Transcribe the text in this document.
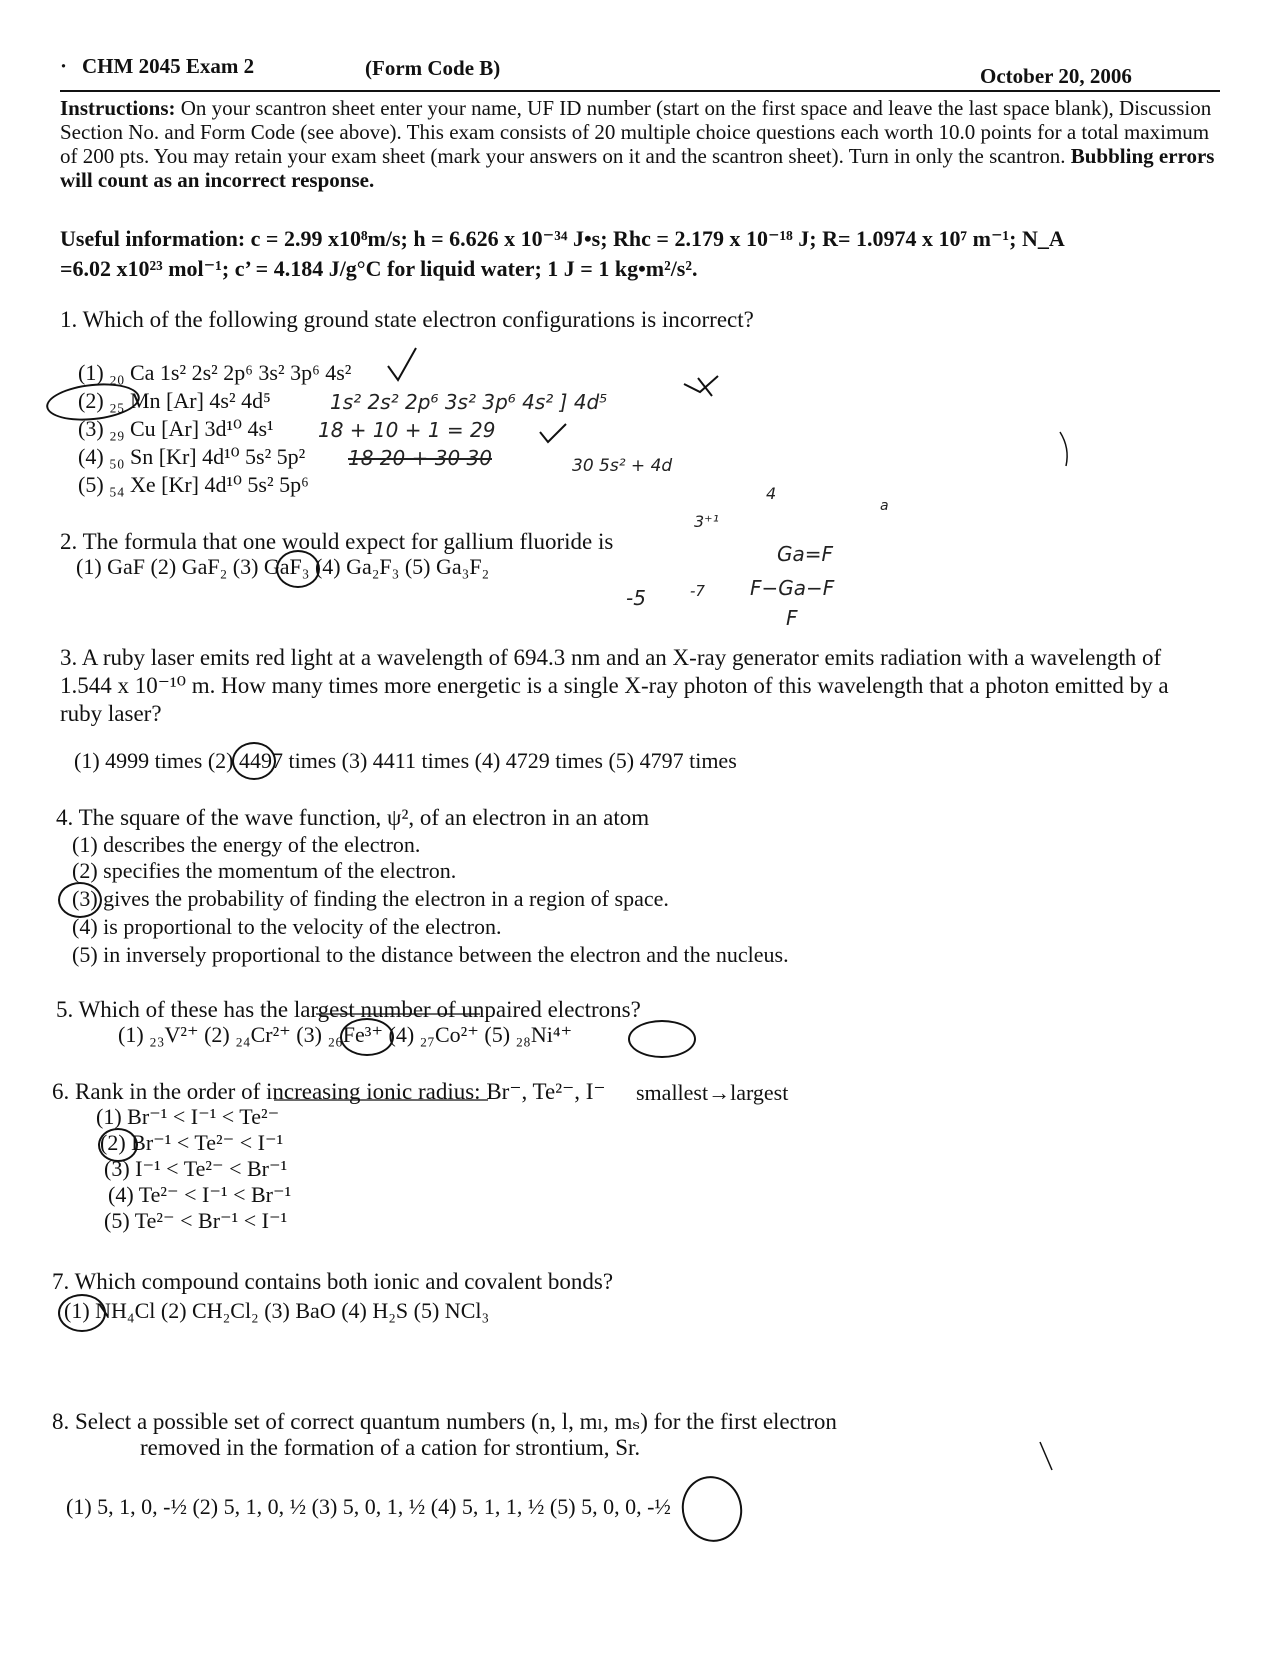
· CHM 2045 Exam 2	(Form Code B)	October 20, 2006
Instructions: On your scantron sheet enter your name, UF ID number (start on the first space and leave the last space blank), Discussion Section No. and Form Code (see above). This exam consists of 20 multiple choice questions each worth 10.0 points for a total maximum of 200 pts. You may retain your exam sheet (mark your answers on it and the scantron sheet). Turn in only the scantron. Bubbling errors will count as an incorrect response.
Useful information: c = 2.99 x10⁸m/s; h = 6.626 x 10⁻³⁴ J•s; Rhc = 2.179 x 10⁻¹⁸ J; R= 1.0974 x 10⁷ m⁻¹; N_A
=6.02 x10²³ mol⁻¹; c’ = 4.184 J/g°C for liquid water; 1 J = 1 kg•m²/s².
1. Which of the following ground state electron configurations is incorrect?
(1) ₂₀ Ca 1s² 2s² 2p⁶ 3s² 3p⁶ 4s²
(2) ₂₅ Mn [Ar] 4s² 4d⁵
(3) ₂₉ Cu [Ar] 3d¹⁰ 4s¹
(4) ₅₀ Sn [Kr] 4d¹⁰ 5s² 5p²
(5) ₅₄ Xe [Kr] 4d¹⁰ 5s² 5p⁶
1s² 2s² 2p⁶ 3s² 3p⁶ 4s² ] 4d⁵
18 + 10 + 1 = 29
18 20 + 30 30	30 5s² + 4d
2. The formula that one would expect for gallium fluoride is
(1) GaF (2) GaF₂ (3) GaF₃ (4) Ga₂F₃ (5) Ga₃F₂	Ga=F
F−Ga−F
F
3⁺¹
4
a
-5	-7
3. A ruby laser emits red light at a wavelength of 694.3 nm and an X-ray generator emits radiation with a wavelength of 1.544 x 10⁻¹⁰ m. How many times more energetic is a single X-ray photon of this wavelength that a photon emitted by a ruby laser?
(1) 4999 times (2) 4497 times (3) 4411 times (4) 4729 times (5) 4797 times
4. The square of the wave function, ψ², of an electron in an atom
(1) describes the energy of the electron.
(2) specifies the momentum of the electron.
(3) gives the probability of finding the electron in a region of space.
(4) is proportional to the velocity of the electron.
(5) in inversely proportional to the distance between the electron and the nucleus.
5. Which of these has the largest number of unpaired electrons?
(1) ₂₃V²⁺ (2) ₂₄Cr²⁺ (3) ₂₆Fe³⁺ (4) ₂₇Co²⁺ (5) ₂₈Ni⁴⁺
6. Rank in the order of increasing ionic radius: Br⁻, Te²⁻, I⁻ smallest→largest
(1) Br⁻¹ < I⁻¹ < Te²⁻
(2) Br⁻¹ < Te²⁻ < I⁻¹
(3) I⁻¹ < Te²⁻ < Br⁻¹
(4) Te²⁻ < I⁻¹ < Br⁻¹
(5) Te²⁻ < Br⁻¹ < I⁻¹
7. Which compound contains both ionic and covalent bonds?
(1) NH₄Cl (2) CH₂Cl₂ (3) BaO (4) H₂S (5) NCl₃
8. Select a possible set of correct quantum numbers (n, l, mₗ, mₛ) for the first electron
removed in the formation of a cation for strontium, Sr.
(1) 5, 1, 0, -½ (2) 5, 1, 0, ½ (3) 5, 0, 1, ½ (4) 5, 1, 1, ½ (5) 5, 0, 0, -½
